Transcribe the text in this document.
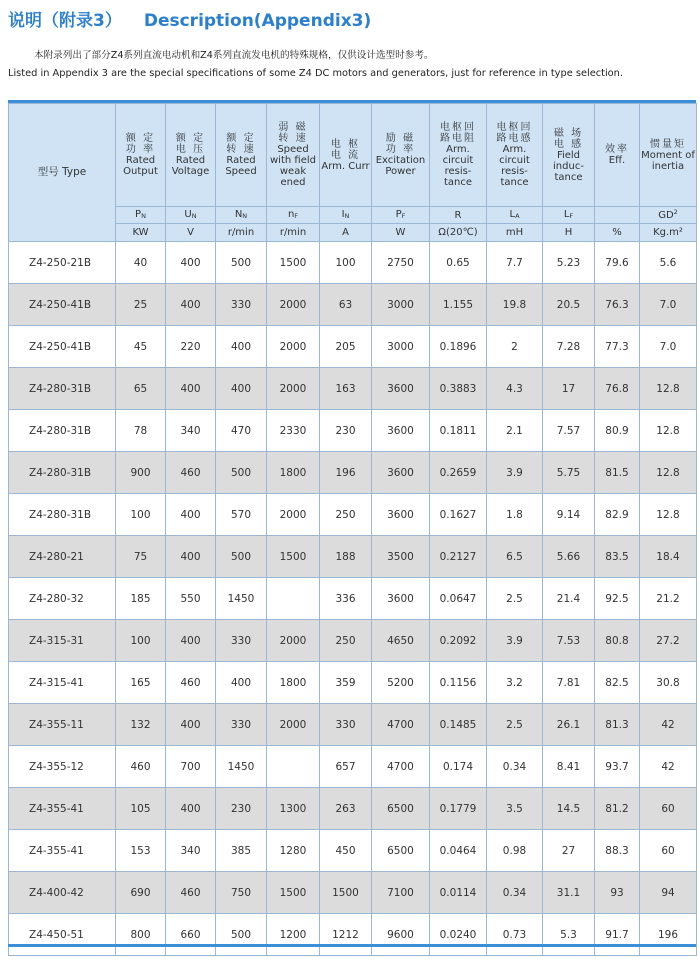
说明（附录3） Description(Appendix3)
本附录列出了部分Z4系列直流电动机和Z4系列直流发电机的特殊规格，仅供设计选型时参考。
Listed in Appendix 3 are the special specifications of some Z4 DC motors and generators, just for reference in type selection.
型号 Type	额 定
功 率
Rated Output	额 定
电 压
Rated Voltage	额 定
转 速
Rated Speed	弱 磁
转 速
Speed with field weak ened	电 枢
电 流
Arm. Curr	励 磁
功 率
Excitation Power	电枢回
路电阻
Arm. circuit resis- tance	电枢回
路电感
Arm. circuit resis- tance	磁 场
电 感
Field induc- tance	效率
Eff.	惯量矩
Moment of inertia

	PN	UN	NN	nF	IN	PF	R	LA	LF		$GD^2$
	KW	V	r/min	r/min	A	W	Ω(20℃)	mH	H	%	Kg.m²
Z4-250-21B	40	400	500	1500	100	2750	0.65	7.7	5.23	79.6	5.6
Z4-250-41B	25	400	330	2000	63	3000	1.155	19.8	20.5	76.3	7.0
Z4-250-41B	45	220	400	2000	205	3000	0.1896	2	7.28	77.3	7.0
Z4-280-31B	65	400	400	2000	163	3600	0.3883	4.3	17	76.8	12.8
Z4-280-31B	78	340	470	2330	230	3600	0.1811	2.1	7.57	80.9	12.8
Z4-280-31B	900	460	500	1800	196	3600	0.2659	3.9	5.75	81.5	12.8
Z4-280-31B	100	400	570	2000	250	3600	0.1627	1.8	9.14	82.9	12.8
Z4-280-21	75	400	500	1500	188	3500	0.2127	6.5	5.66	83.5	18.4
Z4-280-32	185	550	1450		336	3600	0.0647	2.5	21.4	92.5	21.2
Z4-315-31	100	400	330	2000	250	4650	0.2092	3.9	7.53	80.8	27.2
Z4-315-41	165	460	400	1800	359	5200	0.1156	3.2	7.81	82.5	30.8
Z4-355-11	132	400	330	2000	330	4700	0.1485	2.5	26.1	81.3	42
Z4-355-12	460	700	1450		657	4700	0.174	0.34	8.41	93.7	42
Z4-355-41	105	400	230	1300	263	6500	0.1779	3.5	14.5	81.2	60
Z4-355-41	153	340	385	1280	450	6500	0.0464	0.98	27	88.3	60
Z4-400-42	690	460	750	1500	1500	7100	0.0114	0.34	31.1	93	94
Z4-450-51	800	660	500	1200	1212	9600	0.0240	0.73	5.3	91.7	196
